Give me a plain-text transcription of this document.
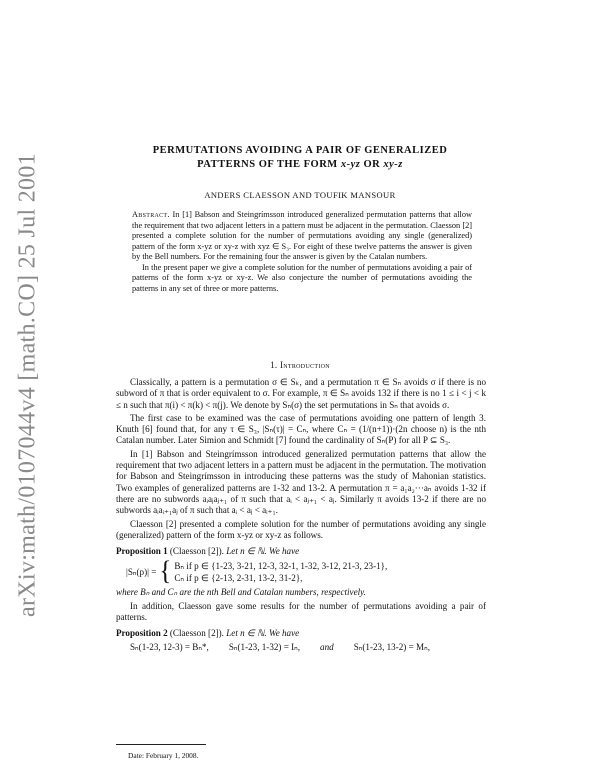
arXiv:math/0107044v4 [math.CO] 25 Jul 2001
PERMUTATIONS AVOIDING A PAIR OF GENERALIZED
PATTERNS OF THE FORM x-yz OR xy-z
ANDERS CLAESSON AND TOUFIK MANSOUR

Abstract. In [1] Babson and Steingrímsson introduced generalized permutation patterns that allow the requirement that two adjacent letters in a pattern must be adjacent in the permutation. Claesson [2] presented a complete solution for the number of permutations avoiding any single (generalized) pattern of the form x-yz or xy-z with xyz ∈ S₃. For eight of these twelve patterns the answer is given by the Bell numbers. For the remaining four the answer is given by the Catalan numbers.

In the present paper we give a complete solution for the number of permutations avoiding a pair of patterns of the form x-yz or xy-z. We also conjecture the number of permutations avoiding the patterns in any set of three or more patterns.

1. Introduction

Classically, a pattern is a permutation σ ∈ Sₖ, and a permutation π ∈ Sₙ avoids σ if there is no subword of π that is order equivalent to σ. For example, π ∈ Sₙ avoids 132 if there is no 1 ≤ i < j < k ≤ n such that π(i) < π(k) < π(j). We denote by Sₙ(σ) the set permutations in Sₙ that avoids σ.

The first case to be examined was the case of permutations avoiding one pattern of length 3. Knuth [6] found that, for any τ ∈ S₃, |Sₙ(τ)| = Cₙ, where Cₙ = (1/(n+1))·(2n choose n) is the nth Catalan number. Later Simion and Schmidt [7] found the cardinality of Sₙ(P) for all P ⊆ S₃.

In [1] Babson and Steingrímsson introduced generalized permutation patterns that allow the requirement that two adjacent letters in a pattern must be adjacent in the permutation. The motivation for Babson and Steingrímsson in introducing these patterns was the study of Mahonian statistics. Two examples of generalized patterns are 1-32 and 13-2. A permutation π = a₁a₂···aₙ avoids 1-32 if there are no subwords aᵢaⱼaⱼ₊₁ of π such that aᵢ < aⱼ₊₁ < aⱼ. Similarly π avoids 13-2 if there are no subwords aᵢaᵢ₊₁aⱼ of π such that aᵢ < aⱼ < aᵢ₊₁.

Claesson [2] presented a complete solution for the number of permutations avoiding any single (generalized) pattern of the form x-yz or xy-z as follows.

Proposition 1 (Claesson [2]). Let n ∈ ℕ. We have
|Sₙ(p)| = { Bₙ if p ∈ {1-23, 3-21, 12-3, 32-1, 1-32, 3-12, 21-3, 23-1},
Cₙ if p ∈ {2-13, 2-31, 13-2, 31-2},

where Bₙ and Cₙ are the nth Bell and Catalan numbers, respectively.

In addition, Claesson gave some results for the number of permutations avoiding a pair of patterns.

Proposition 2 (Claesson [2]). Let n ∈ ℕ. We have

Sₙ(1-23, 12-3) = Bₙ*, Sₙ(1-23, 1-32) = Iₙ, and Sₙ(1-23, 13-2) = Mₙ,

Date: February 1, 2008.
